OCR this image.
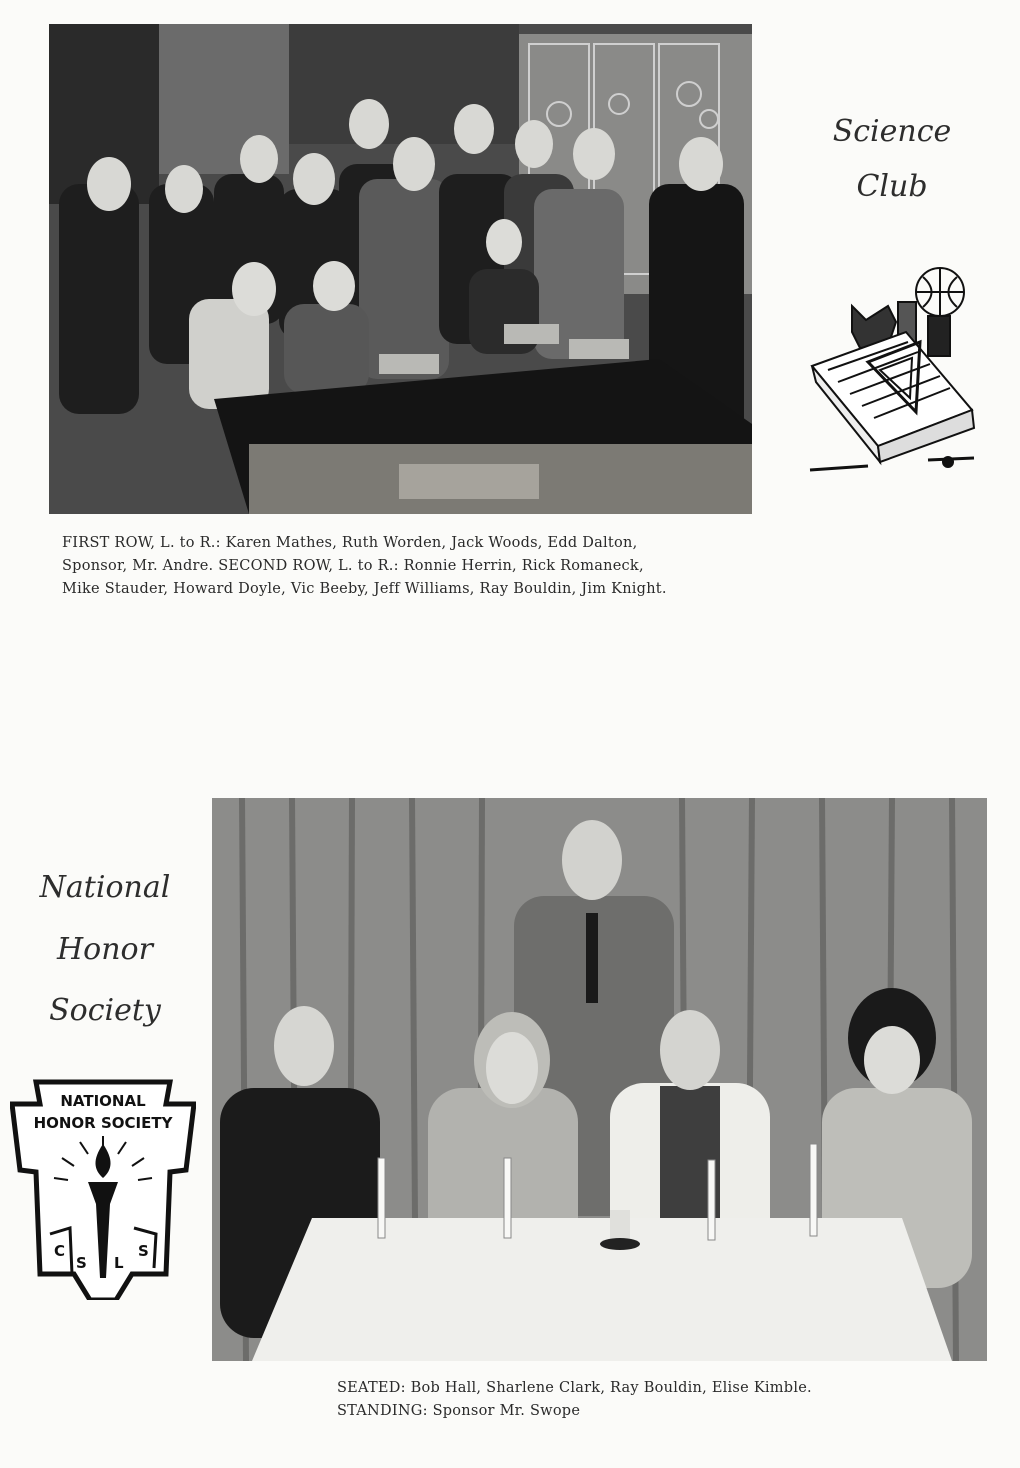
Science
Club
FIRST ROW, L. to R.: Karen Mathes, Ruth Worden, Jack Woods, Edd Dalton,
Sponsor, Mr. Andre. SECOND ROW, L. to R.: Ronnie Herrin, Rick Romaneck,
Mike Stauder, Howard Doyle, Vic Beeby, Jeff Williams, Ray Bouldin, Jim Knight.
National
Honor
Society
NATIONAL
HONOR SOCIETY
C
S L
S
SEATED: Bob Hall, Sharlene Clark, Ray Bouldin, Elise Kimble.
STANDING: Sponsor Mr. Swope
